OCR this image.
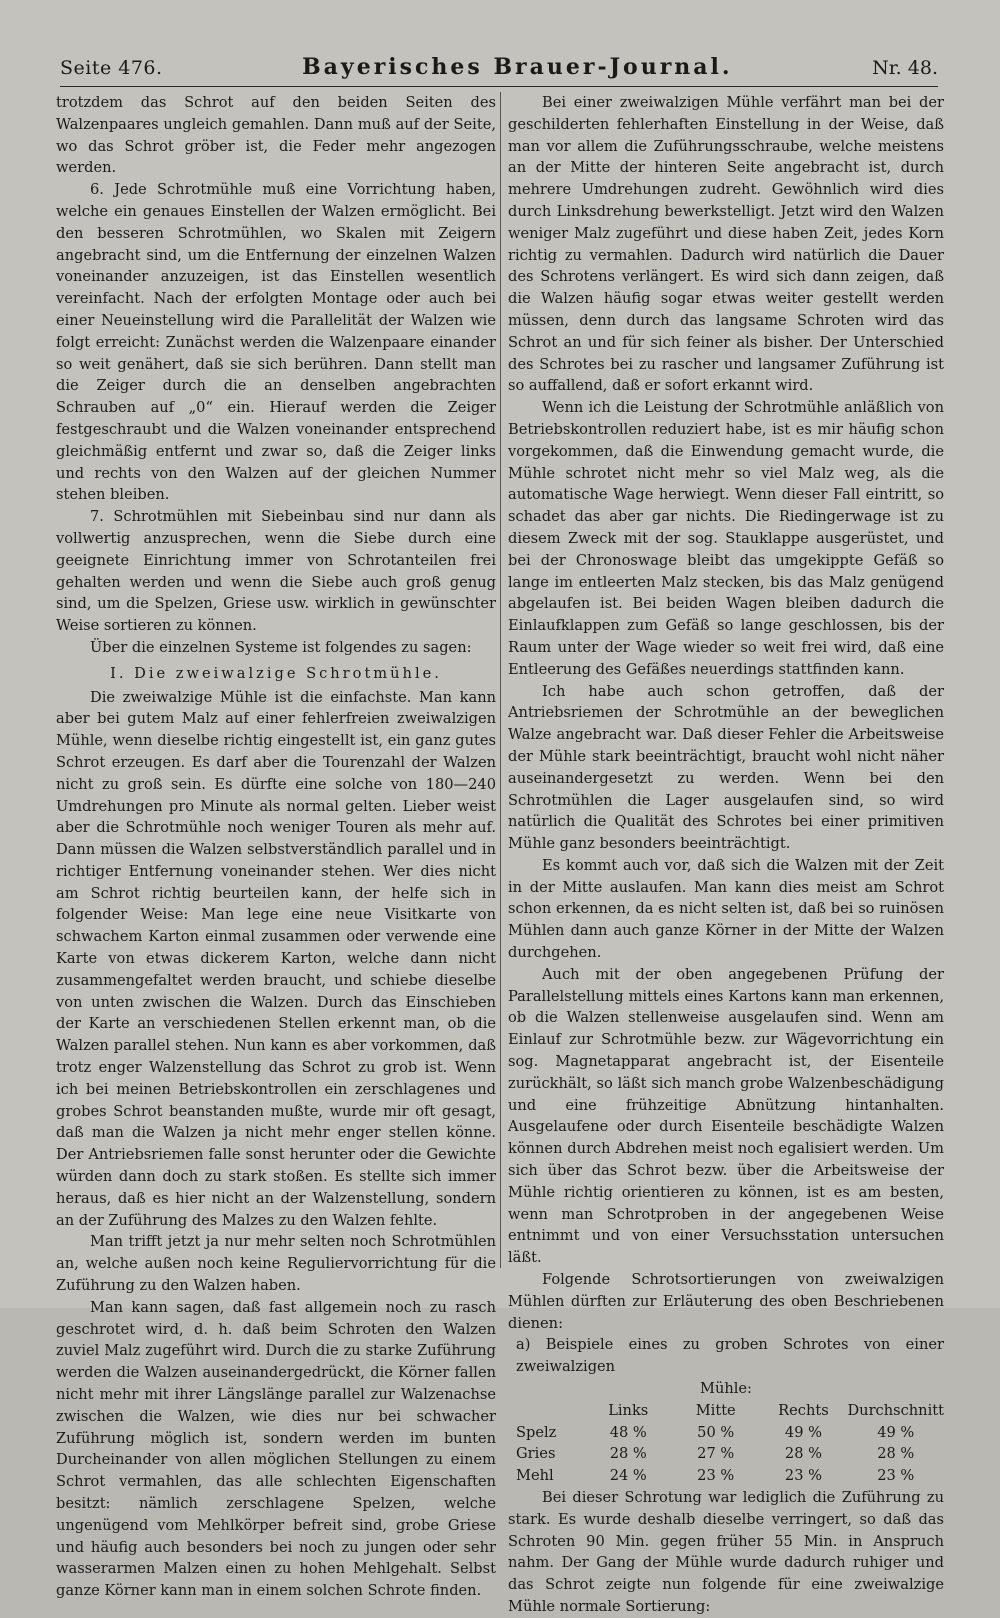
Seite 476.	Bayerisches Brauer-Journal.	Nr. 48.

trotzdem das Schrot auf den beiden Seiten des Walzenpaares ungleich gemahlen. Dann muß auf der Seite, wo das Schrot gröber ist, die Feder mehr angezogen werden.

6. Jede Schrotmühle muß eine Vorrichtung haben, welche ein genaues Einstellen der Walzen ermöglicht. Bei den besseren Schrotmühlen, wo Skalen mit Zeigern angebracht sind, um die Entfernung der einzelnen Walzen voneinander anzuzeigen, ist das Einstellen wesentlich vereinfacht. Nach der erfolgten Montage oder auch bei einer Neueinstellung wird die Parallelität der Walzen wie folgt erreicht: Zunächst werden die Walzenpaare einander so weit genähert, daß sie sich berühren. Dann stellt man die Zeiger durch die an denselben angebrachten Schrauben auf „0“ ein. Hierauf werden die Zeiger festgeschraubt und die Walzen voneinander entsprechend gleichmäßig entfernt und zwar so, daß die Zeiger links und rechts von den Walzen auf der gleichen Nummer stehen bleiben.

7. Schrotmühlen mit Siebeinbau sind nur dann als vollwertig anzusprechen, wenn die Siebe durch eine geeignete Einrichtung immer von Schrotanteilen frei gehalten werden und wenn die Siebe auch groß genug sind, um die Spelzen, Griese usw. wirklich in gewünschter Weise sortieren zu können.

Über die einzelnen Systeme ist folgendes zu sagen:

I. Die zweiwalzige Schrotmühle.

Die zweiwalzige Mühle ist die einfachste. Man kann aber bei gutem Malz auf einer fehlerfreien zweiwalzigen Mühle, wenn dieselbe richtig eingestellt ist, ein ganz gutes Schrot erzeugen. Es darf aber die Tourenzahl der Walzen nicht zu groß sein. Es dürfte eine solche von 180—240 Umdrehungen pro Minute als normal gelten. Lieber weist aber die Schrotmühle noch weniger Touren als mehr auf. Dann müssen die Walzen selbstverständlich parallel und in richtiger Entfernung voneinander stehen. Wer dies nicht am Schrot richtig beurteilen kann, der helfe sich in folgender Weise: Man lege eine neue Visitkarte von schwachem Karton einmal zusammen oder verwende eine Karte von etwas dickerem Karton, welche dann nicht zusammengefaltet werden braucht, und schiebe dieselbe von unten zwischen die Walzen. Durch das Einschieben der Karte an verschiedenen Stellen erkennt man, ob die Walzen parallel stehen. Nun kann es aber vorkommen, daß trotz enger Walzenstellung das Schrot zu grob ist. Wenn ich bei meinen Betriebskontrollen ein zerschlagenes und grobes Schrot beanstanden mußte, wurde mir oft gesagt, daß man die Walzen ja nicht mehr enger stellen könne. Der Antriebsriemen falle sonst herunter oder die Gewichte würden dann doch zu stark stoßen. Es stellte sich immer heraus, daß es hier nicht an der Walzenstellung, sondern an der Zuführung des Malzes zu den Walzen fehlte.

Man trifft jetzt ja nur mehr selten noch Schrotmühlen an, welche außen noch keine Reguliervorrichtung für die Zuführung zu den Walzen haben.

Man kann sagen, daß fast allgemein noch zu rasch geschrotet wird, d. h. daß beim Schroten den Walzen zuviel Malz zugeführt wird. Durch die zu starke Zuführung werden die Walzen auseinandergedrückt, die Körner fallen nicht mehr mit ihrer Längslänge parallel zur Walzenachse zwischen die Walzen, wie dies nur bei schwacher Zuführung möglich ist, sondern werden im bunten Durcheinander von allen möglichen Stellungen zu einem Schrot vermahlen, das alle schlechten Eigenschaften besitzt: nämlich zerschlagene Spelzen, welche ungenügend vom Mehlkörper befreit sind, grobe Griese und häufig auch besonders bei noch zu jungen oder sehr wasserarmen Malzen einen zu hohen Mehlgehalt. Selbst ganze Körner kann man in einem solchen Schrote finden.

Bei einer zweiwalzigen Mühle verfährt man bei der geschilderten fehlerhaften Einstellung in der Weise, daß man vor allem die Zuführungsschraube, welche meistens an der Mitte der hinteren Seite angebracht ist, durch mehrere Umdrehungen zudreht. Gewöhnlich wird dies durch Linksdrehung bewerkstelligt. Jetzt wird den Walzen weniger Malz zugeführt und diese haben Zeit, jedes Korn richtig zu vermahlen. Dadurch wird natürlich die Dauer des Schrotens verlängert. Es wird sich dann zeigen, daß die Walzen häufig sogar etwas weiter gestellt werden müssen, denn durch das langsame Schroten wird das Schrot an und für sich feiner als bisher. Der Unterschied des Schrotes bei zu rascher und langsamer Zuführung ist so auffallend, daß er sofort erkannt wird.

Wenn ich die Leistung der Schrotmühle anläßlich von Betriebskontrollen reduziert habe, ist es mir häufig schon vorgekommen, daß die Einwendung gemacht wurde, die Mühle schrotet nicht mehr so viel Malz weg, als die automatische Wage herwiegt. Wenn dieser Fall eintritt, so schadet das aber gar nichts. Die Riedingerwage ist zu diesem Zweck mit der sog. Stauklappe ausgerüstet, und bei der Chronoswage bleibt das umgekippte Gefäß so lange im entleerten Malz stecken, bis das Malz genügend abgelaufen ist. Bei beiden Wagen bleiben dadurch die Einlaufklappen zum Gefäß so lange geschlossen, bis der Raum unter der Wage wieder so weit frei wird, daß eine Entleerung des Gefäßes neuerdings stattfinden kann.

Ich habe auch schon getroffen, daß der Antriebsriemen der Schrotmühle an der beweglichen Walze angebracht war. Daß dieser Fehler die Arbeitsweise der Mühle stark beeinträchtigt, braucht wohl nicht näher auseinandergesetzt zu werden. Wenn bei den Schrotmühlen die Lager ausgelaufen sind, so wird natürlich die Qualität des Schrotes bei einer primitiven Mühle ganz besonders beeinträchtigt.

Es kommt auch vor, daß sich die Walzen mit der Zeit in der Mitte auslaufen. Man kann dies meist am Schrot schon erkennen, da es nicht selten ist, daß bei so ruinösen Mühlen dann auch ganze Körner in der Mitte der Walzen durchgehen.

Auch mit der oben angegebenen Prüfung der Parallelstellung mittels eines Kartons kann man erkennen, ob die Walzen stellenweise ausgelaufen sind. Wenn am Einlauf zur Schrotmühle bezw. zur Wägevorrichtung ein sog. Magnetapparat angebracht ist, der Eisenteile zurückhält, so läßt sich manch grobe Walzenbeschädigung und eine frühzeitige Abnützung hintanhalten. Ausgelaufene oder durch Eisenteile beschädigte Walzen können durch Abdrehen meist noch egalisiert werden. Um sich über das Schrot bezw. über die Arbeitsweise der Mühle richtig orientieren zu können, ist es am besten, wenn man Schrotproben in der angegebenen Weise entnimmt und von einer Versuchsstation untersuchen läßt.

Folgende Schrotsortierungen von zweiwalzigen Mühlen dürften zur Erläuterung des oben Beschriebenen dienen:

a) Beispiele eines zu groben Schrotes von einer zweiwalzigen

Mühle:

	Links	Mitte	Rechts	Durchschnitt
Spelz	48 %	50 %	49 %	49 %
Gries	28 %	27 %	28 %	28 %
Mehl	24 %	23 %	23 %	23 %

Bei dieser Schrotung war lediglich die Zuführung zu stark. Es wurde deshalb dieselbe verringert, so daß das Schroten 90 Min. gegen früher 55 Min. in Anspruch nahm. Der Gang der Mühle wurde dadurch ruhiger und das Schrot zeigte nun folgende für eine zweiwalzige Mühle normale Sortierung:
